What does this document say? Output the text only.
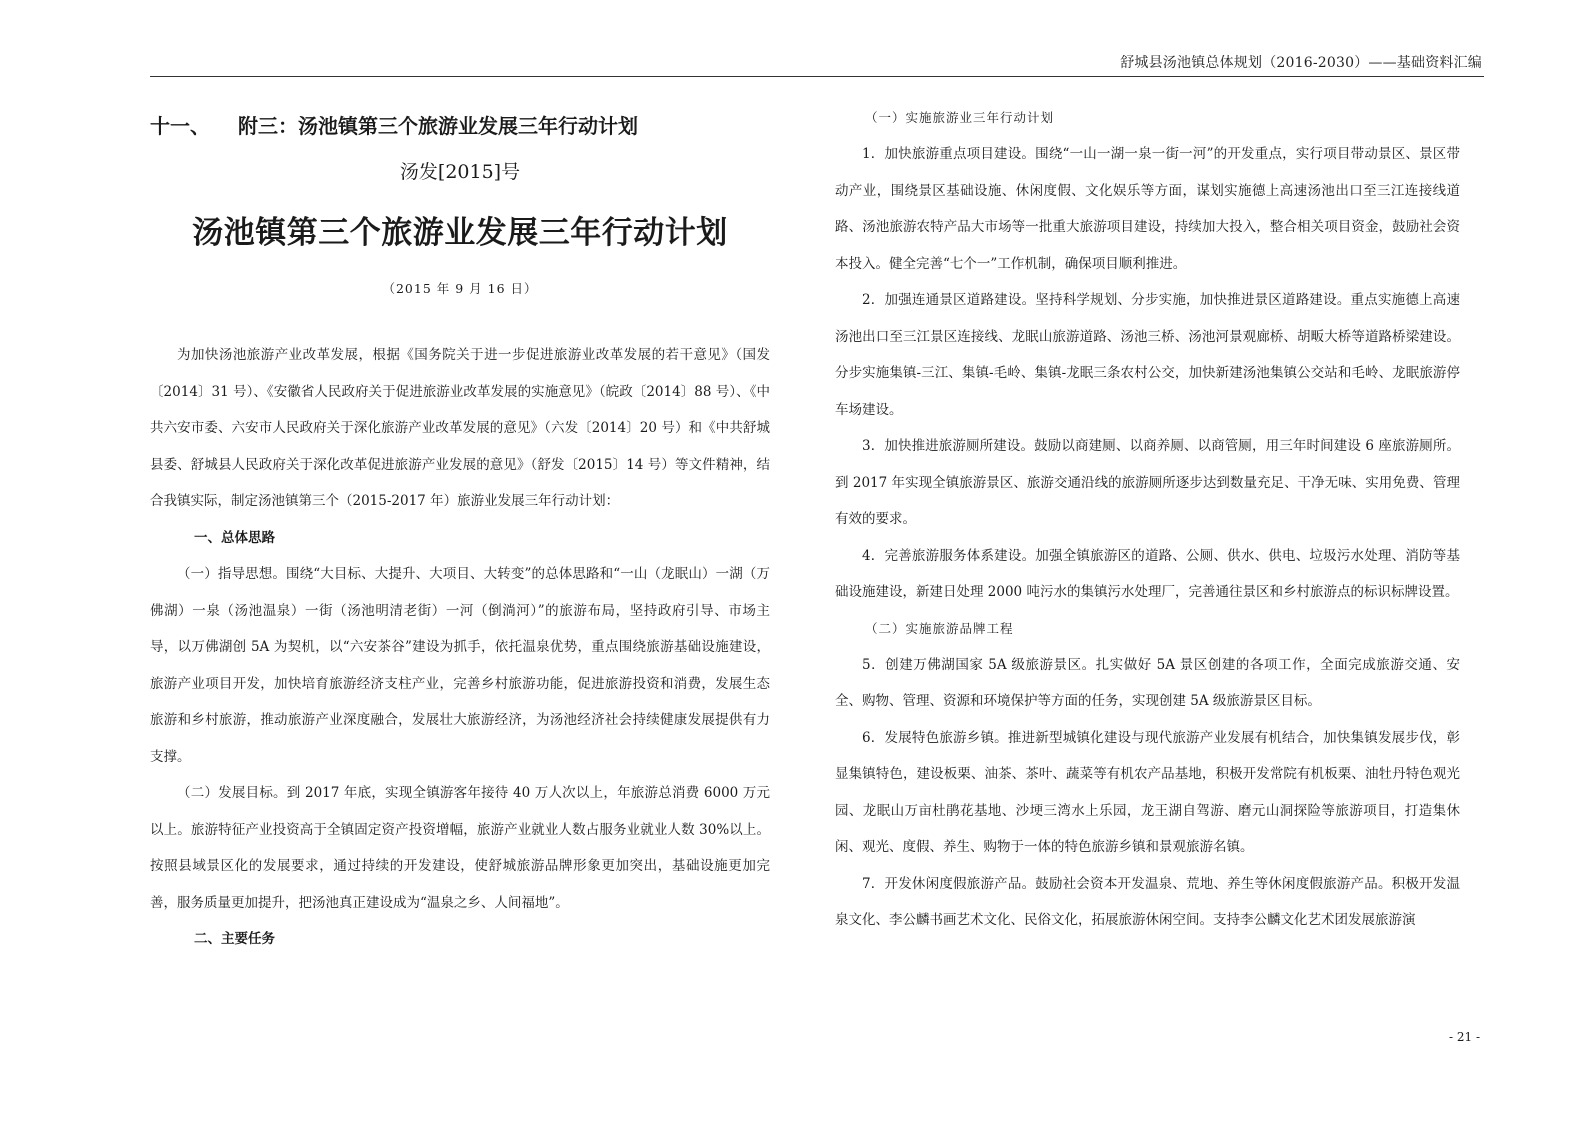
舒城县汤池镇总体规划（2016-2030）——基础资料汇编
十一、	附三：汤池镇第三个旅游业发展三年行动计划
汤发[2015]号
汤池镇第三个旅游业发展三年行动计划
（2015 年 9 月 16 日）

为加快汤池旅游产业改革发展，根据《国务院关于进一步促进旅游业改革发展的若干意见》（国发〔2014〕31 号）、《安徽省人民政府关于促进旅游业改革发展的实施意见》（皖政〔2014〕88 号）、《中共六安市委、六安市人民政府关于深化旅游产业改革发展的意见》（六发〔2014〕20 号）和《中共舒城县委、舒城县人民政府关于深化改革促进旅游产业发展的意见》（舒发〔2015〕14 号）等文件精神，结合我镇实际，制定汤池镇第三个（2015-2017 年）旅游业发展三年行动计划：

一、总体思路

（一）指导思想。围绕“大目标、大提升、大项目、大转变”的总体思路和“一山（龙眠山）一湖（万佛湖）一泉（汤池温泉）一街（汤池明清老街）一河（倒淌河）”的旅游布局，坚持政府引导、市场主导，以万佛湖创 5A 为契机，以“六安茶谷”建设为抓手，依托温泉优势，重点围绕旅游基础设施建设，旅游产业项目开发，加快培育旅游经济支柱产业，完善乡村旅游功能，促进旅游投资和消费，发展生态旅游和乡村旅游，推动旅游产业深度融合，发展壮大旅游经济，为汤池经济社会持续健康发展提供有力支撑。

（二）发展目标。到 2017 年底，实现全镇游客年接待 40 万人次以上，年旅游总消费 6000 万元以上。旅游特征产业投资高于全镇固定资产投资增幅，旅游产业就业人数占服务业就业人数 30%以上。按照县域景区化的发展要求，通过持续的开发建设，使舒城旅游品牌形象更加突出，基础设施更加完善，服务质量更加提升，把汤池真正建设成为“温泉之乡、人间福地”。

二、主要任务

（一）实施旅游业三年行动计划

1．加快旅游重点项目建设。围绕“一山一湖一泉一街一河”的开发重点，实行项目带动景区、景区带动产业，围绕景区基础设施、休闲度假、文化娱乐等方面，谋划实施德上高速汤池出口至三江连接线道路、汤池旅游农特产品大市场等一批重大旅游项目建设，持续加大投入，整合相关项目资金，鼓励社会资本投入。健全完善“七个一”工作机制，确保项目顺利推进。

2．加强连通景区道路建设。坚持科学规划、分步实施，加快推进景区道路建设。重点实施德上高速汤池出口至三江景区连接线、龙眠山旅游道路、汤池三桥、汤池河景观廊桥、胡畈大桥等道路桥梁建设。分步实施集镇-三江、集镇-毛岭、集镇-龙眠三条农村公交，加快新建汤池集镇公交站和毛岭、龙眠旅游停车场建设。

3．加快推进旅游厕所建设。鼓励以商建厕、以商养厕、以商管厕，用三年时间建设 6 座旅游厕所。到 2017 年实现全镇旅游景区、旅游交通沿线的旅游厕所逐步达到数量充足、干净无味、实用免费、管理有效的要求。

4．完善旅游服务体系建设。加强全镇旅游区的道路、公厕、供水、供电、垃圾污水处理、消防等基础设施建设，新建日处理 2000 吨污水的集镇污水处理厂，完善通往景区和乡村旅游点的标识标牌设置。

（二）实施旅游品牌工程

5．创建万佛湖国家 5A 级旅游景区。扎实做好 5A 景区创建的各项工作，全面完成旅游交通、安全、购物、管理、资源和环境保护等方面的任务，实现创建 5A 级旅游景区目标。

6．发展特色旅游乡镇。推进新型城镇化建设与现代旅游产业发展有机结合，加快集镇发展步伐，彰显集镇特色，建设板栗、油茶、茶叶、蔬菜等有机农产品基地，积极开发常院有机板栗、油牡丹特色观光园、龙眠山万亩杜鹃花基地、沙埂三湾水上乐园，龙王湖自驾游、磨元山洞探险等旅游项目，打造集休闲、观光、度假、养生、购物于一体的特色旅游乡镇和景观旅游名镇。

7．开发休闲度假旅游产品。鼓励社会资本开发温泉、荒地、养生等休闲度假旅游产品。积极开发温泉文化、李公麟书画艺术文化、民俗文化，拓展旅游休闲空间。支持李公麟文化艺术团发展旅游演

- 21 -
